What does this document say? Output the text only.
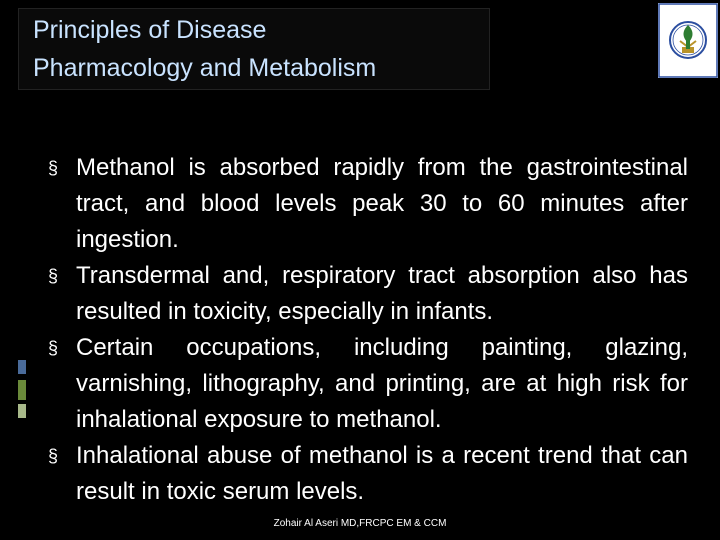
Principles of Disease
Pharmacology and Metabolism
§ Methanol is absorbed rapidly from the gastrointestinal tract, and blood levels peak 30 to 60 minutes after ingestion.
§ Transdermal and, respiratory tract absorption also has resulted in toxicity, especially in infants.
§ Certain occupations, including painting, glazing, varnishing, lithography, and printing, are at high risk for inhalational exposure to methanol.
§ Inhalational abuse of methanol is a recent trend that can result in toxic serum levels.
Zohair Al Aseri MD,FRCPC EM & CCM
